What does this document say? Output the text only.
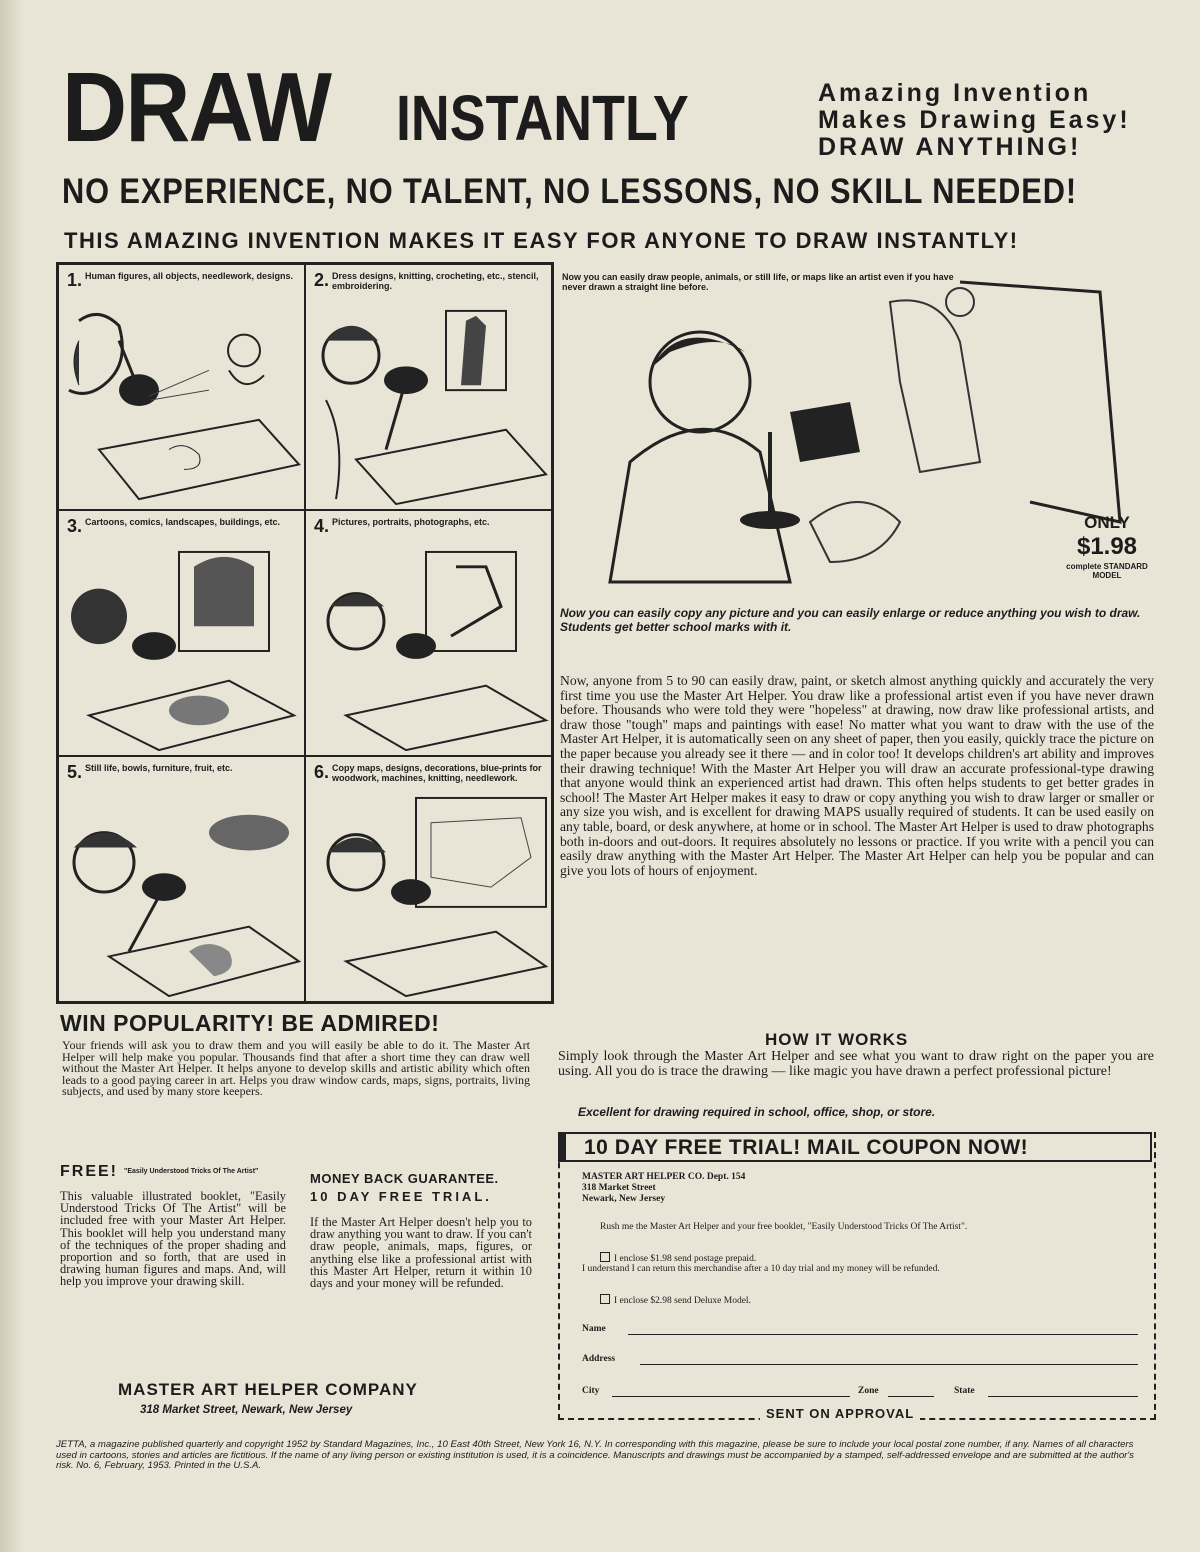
DRAW INSTANTLY	Amazing Invention
Makes Drawing Easy!
DRAW ANYTHING!
NO EXPERIENCE, NO TALENT, NO LESSONS, NO SKILL NEEDED!
THIS AMAZING INVENTION MAKES IT EASY FOR ANYONE TO DRAW INSTANTLY!
1. Human figures, all objects, needlework, designs. 2. Dress designs, knitting, crocheting, etc., stencil, embroidering.
3. Cartoons, comics, landscapes, buildings, etc.	4. Pictures, portraits, photographs, etc.
5. Still life, bowls, furniture, fruit, etc.	6. Copy maps, designs, decorations, blue-prints for woodwork, machines, knitting, needlework.
Now you can easily draw people, animals, or still life, or maps like an artist even if you have never drawn a straight line before.
ONLY
$1.98
complete STANDARD MODEL
Now you can easily copy any picture and you can easily enlarge or reduce anything you wish to draw. Students get better school marks with it.
Now, anyone from 5 to 90 can easily draw, paint, or sketch almost anything quickly and accurately the very first time you use the Master Art Helper. You draw like a professional artist even if you have never drawn before. Thousands who were told they were "hopeless" at drawing, now draw like professional artists, and draw those "tough" maps and paintings with ease! No matter what you want to draw with the use of the Master Art Helper, it is automatically seen on any sheet of paper, then you easily, quickly trace the picture on the paper because you already see it there — and in color too! It develops children's art ability and improves their drawing technique! With the Master Art Helper you will draw an accurate professional-type drawing that anyone would think an experienced artist had drawn. This often helps students to get better grades in school! The Master Art Helper makes it easy to draw or copy anything you wish to draw larger or smaller or any size you wish, and is excellent for drawing MAPS usually required of students. It can be used easily on any table, board, or desk anywhere, at home or in school. The Master Art Helper is used to draw photographs both in-doors and out-doors. It requires absolutely no lessons or practice. If you write with a pencil you can easily draw anything with the Master Art Helper. The Master Art Helper can help you be popular and can give you lots of hours of enjoyment.
WIN POPULARITY! BE ADMIRED!
Your friends will ask you to draw them and you will easily be able to do it. The Master Art Helper will help make you popular. Thousands find that after a short time they can draw well without the Master Art Helper. It helps anyone to develop skills and artistic ability which often leads to a good paying career in art. Helps you draw window cards, maps, signs, portraits, living subjects, and used by many store keepers.
HOW IT WORKS
Simply look through the Master Art Helper and see what you want to draw right on the paper you are using. All you do is trace the drawing — like magic you have drawn a perfect professional picture!
Excellent for drawing required in school, office, shop, or store.
FREE! "Easily Understood Tricks Of The Artist"
This valuable illustrated booklet, "Easily Understood Tricks Of The Artist" will be included free with your Master Art Helper. This booklet will help you understand many of the techniques of the proper shading and proportion and so forth, that are used in drawing human figures and maps. And, will help you improve your drawing skill.
MONEY BACK GUARANTEE.
10 DAY FREE TRIAL.
If the Master Art Helper doesn't help you to draw anything you want to draw. If you can't draw people, animals, maps, figures, or anything else like a professional artist with this Master Art Helper, return it within 10 days and your money will be refunded.
MASTER ART HELPER COMPANY
318 Market Street, Newark, New Jersey
10 DAY FREE TRIAL! MAIL COUPON NOW!
MASTER ART HELPER CO. Dept. 154
318 Market Street
Newark, New Jersey
Rush me the Master Art Helper and your free booklet, "Easily Understood Tricks Of The Artist".
I enclose $1.98 send postage prepaid.
I understand I can return this merchandise after a 10 day trial and my money will be refunded.
I enclose $2.98 send Deluxe Model.
Name
Address
City	Zone	State
SENT ON APPROVAL
JETTA, a magazine published quarterly and copyright 1952 by Standard Magazines, Inc., 10 East 40th Street, New York 16, N.Y. In corresponding with this magazine, please be sure to include your local postal zone number, if any. Names of all characters used in cartoons, stories and articles are fictitious. If the name of any living person or existing institution is used, it is a coincidence. Manuscripts and drawings must be accompanied by a stamped, self-addressed envelope and are submitted at the author's risk. No. 6, February, 1953. Printed in the U.S.A.
